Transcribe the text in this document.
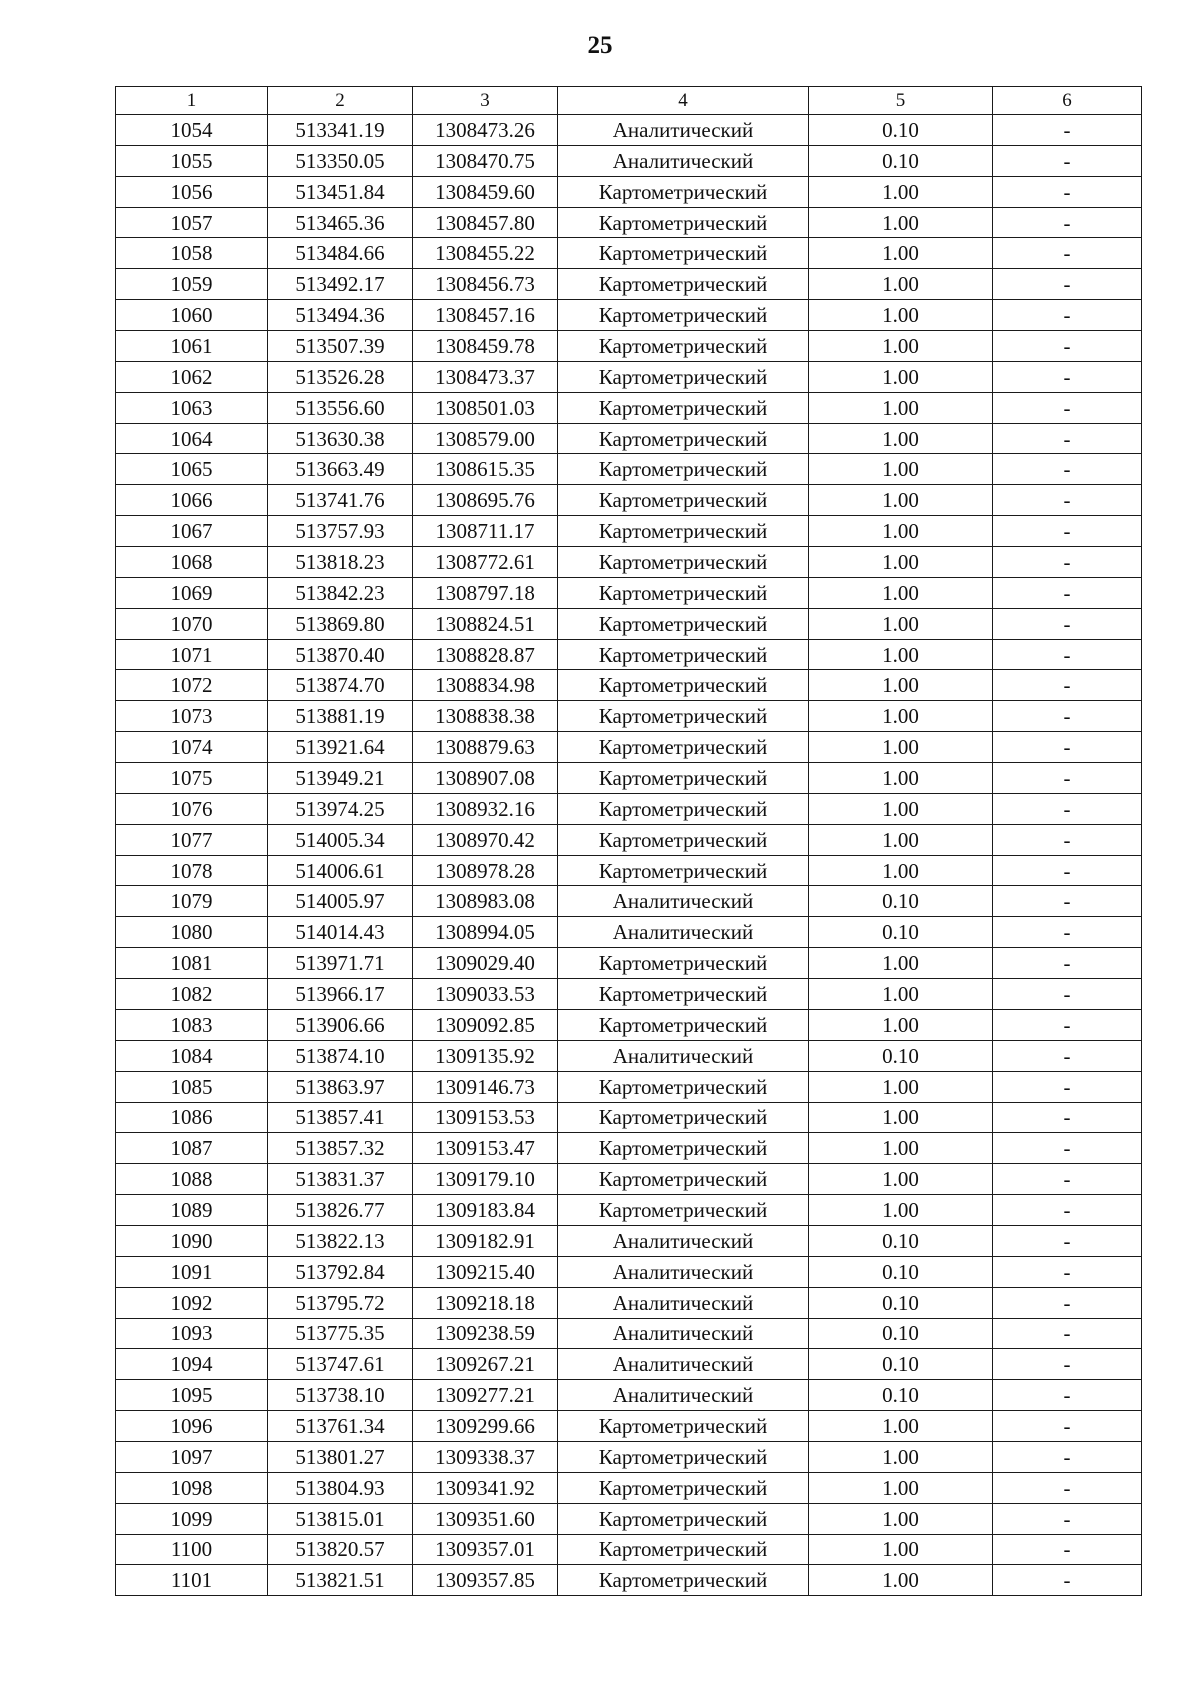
25
1	2	3	4	5	6
1054	513341.19	1308473.26	Аналитический	0.10	-
1055	513350.05	1308470.75	Аналитический	0.10	-
1056	513451.84	1308459.60	Картометрический	1.00	-
1057	513465.36	1308457.80	Картометрический	1.00	-
1058	513484.66	1308455.22	Картометрический	1.00	-
1059	513492.17	1308456.73	Картометрический	1.00	-
1060	513494.36	1308457.16	Картометрический	1.00	-
1061	513507.39	1308459.78	Картометрический	1.00	-
1062	513526.28	1308473.37	Картометрический	1.00	-
1063	513556.60	1308501.03	Картометрический	1.00	-
1064	513630.38	1308579.00	Картометрический	1.00	-
1065	513663.49	1308615.35	Картометрический	1.00	-
1066	513741.76	1308695.76	Картометрический	1.00	-
1067	513757.93	1308711.17	Картометрический	1.00	-
1068	513818.23	1308772.61	Картометрический	1.00	-
1069	513842.23	1308797.18	Картометрический	1.00	-
1070	513869.80	1308824.51	Картометрический	1.00	-
1071	513870.40	1308828.87	Картометрический	1.00	-
1072	513874.70	1308834.98	Картометрический	1.00	-
1073	513881.19	1308838.38	Картометрический	1.00	-
1074	513921.64	1308879.63	Картометрический	1.00	-
1075	513949.21	1308907.08	Картометрический	1.00	-
1076	513974.25	1308932.16	Картометрический	1.00	-
1077	514005.34	1308970.42	Картометрический	1.00	-
1078	514006.61	1308978.28	Картометрический	1.00	-
1079	514005.97	1308983.08	Аналитический	0.10	-
1080	514014.43	1308994.05	Аналитический	0.10	-
1081	513971.71	1309029.40	Картометрический	1.00	-
1082	513966.17	1309033.53	Картометрический	1.00	-
1083	513906.66	1309092.85	Картометрический	1.00	-
1084	513874.10	1309135.92	Аналитический	0.10	-
1085	513863.97	1309146.73	Картометрический	1.00	-
1086	513857.41	1309153.53	Картометрический	1.00	-
1087	513857.32	1309153.47	Картометрический	1.00	-
1088	513831.37	1309179.10	Картометрический	1.00	-
1089	513826.77	1309183.84	Картометрический	1.00	-
1090	513822.13	1309182.91	Аналитический	0.10	-
1091	513792.84	1309215.40	Аналитический	0.10	-
1092	513795.72	1309218.18	Аналитический	0.10	-
1093	513775.35	1309238.59	Аналитический	0.10	-
1094	513747.61	1309267.21	Аналитический	0.10	-
1095	513738.10	1309277.21	Аналитический	0.10	-
1096	513761.34	1309299.66	Картометрический	1.00	-
1097	513801.27	1309338.37	Картометрический	1.00	-
1098	513804.93	1309341.92	Картометрический	1.00	-
1099	513815.01	1309351.60	Картометрический	1.00	-
1100	513820.57	1309357.01	Картометрический	1.00	-
1101	513821.51	1309357.85	Картометрический	1.00	-
